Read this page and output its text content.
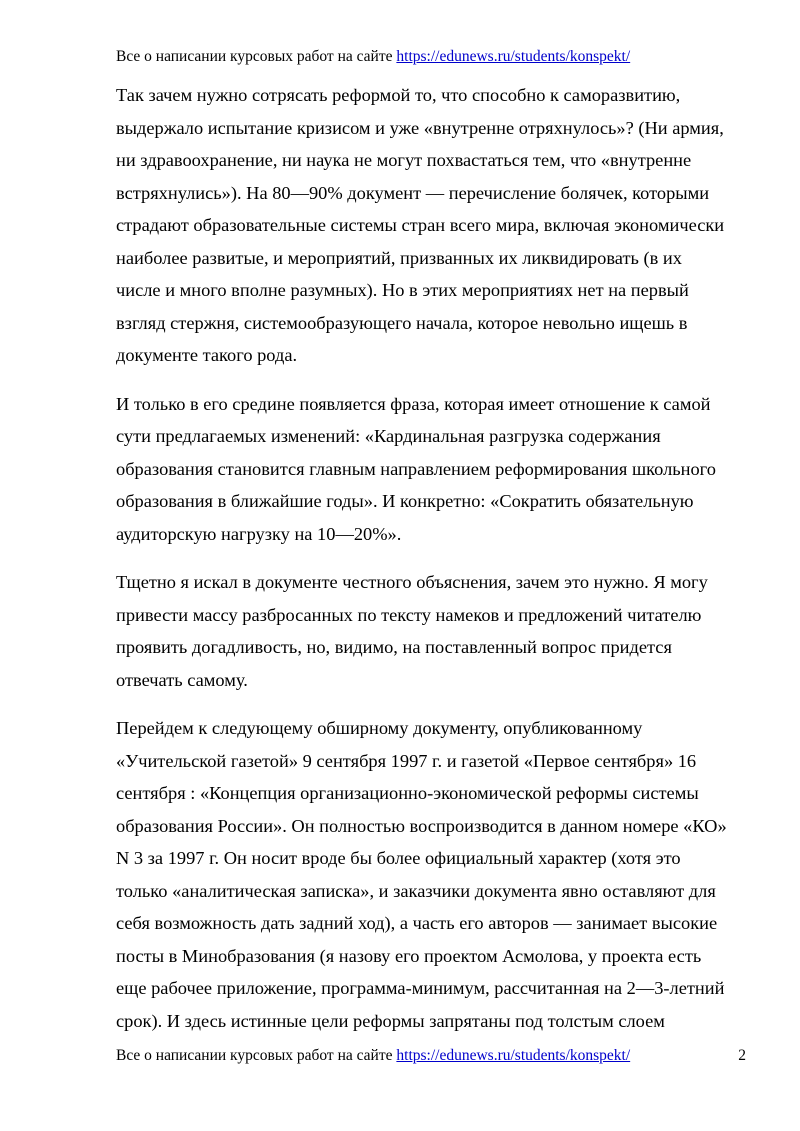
Все о написании курсовых работ на сайте https://edunews.ru/students/konspekt/
Так зачем нужно сотрясать реформой то, что способно к саморазвитию,
выдержало испытание кризисом и уже «внутренне отряхнулось»? (Ни армия,
ни здравоохранение, ни наука не могут похвастаться тем, что «внутренне
встряхнулись»). На 80—90% документ — перечисление болячек, которыми
страдают образовательные системы стран всего мира, включая экономически
наиболее развитые, и мероприятий, призванных их ликвидировать (в их
числе и много вполне разумных). Но в этих мероприятиях нет на первый
взгляд стержня, системообразующего начала, которое невольно ищешь в
документе такого рода.
И только в его средине появляется фраза, которая имеет отношение к самой
сути предлагаемых изменений: «Кардинальная разгрузка содержания
образования становится главным направлением реформирования школьного
образования в ближайшие годы». И конкретно: «Сократить обязательную
аудиторскую нагрузку на 10—20%».
Тщетно я искал в документе честного объяснения, зачем это нужно. Я могу
привести массу разбросанных по тексту намеков и предложений читателю
проявить догадливость, но, видимо, на поставленный вопрос придется
отвечать самому.
Перейдем к следующему обширному документу, опубликованному
«Учительской газетой» 9 сентября 1997 г. и газетой «Первое сентября» 16
сентября : «Концепция организационно-экономической реформы системы
образования России». Он полностью воспроизводится в данном номере «КО»
N 3 за 1997 г. Он носит вроде бы более официальный характер (хотя это
только «аналитическая записка», и заказчики документа явно оставляют для
себя возможность дать задний ход), а часть его авторов — занимает высокие
посты в Минобразования (я назову его проектом Асмолова, у проекта есть
еще рабочее приложение, программа-минимум, рассчитанная на 2—3-летний
срок). И здесь истинные цели реформы запрятаны под толстым слоем
Все о написании курсовых работ на сайте https://edunews.ru/students/konspekt/	2
